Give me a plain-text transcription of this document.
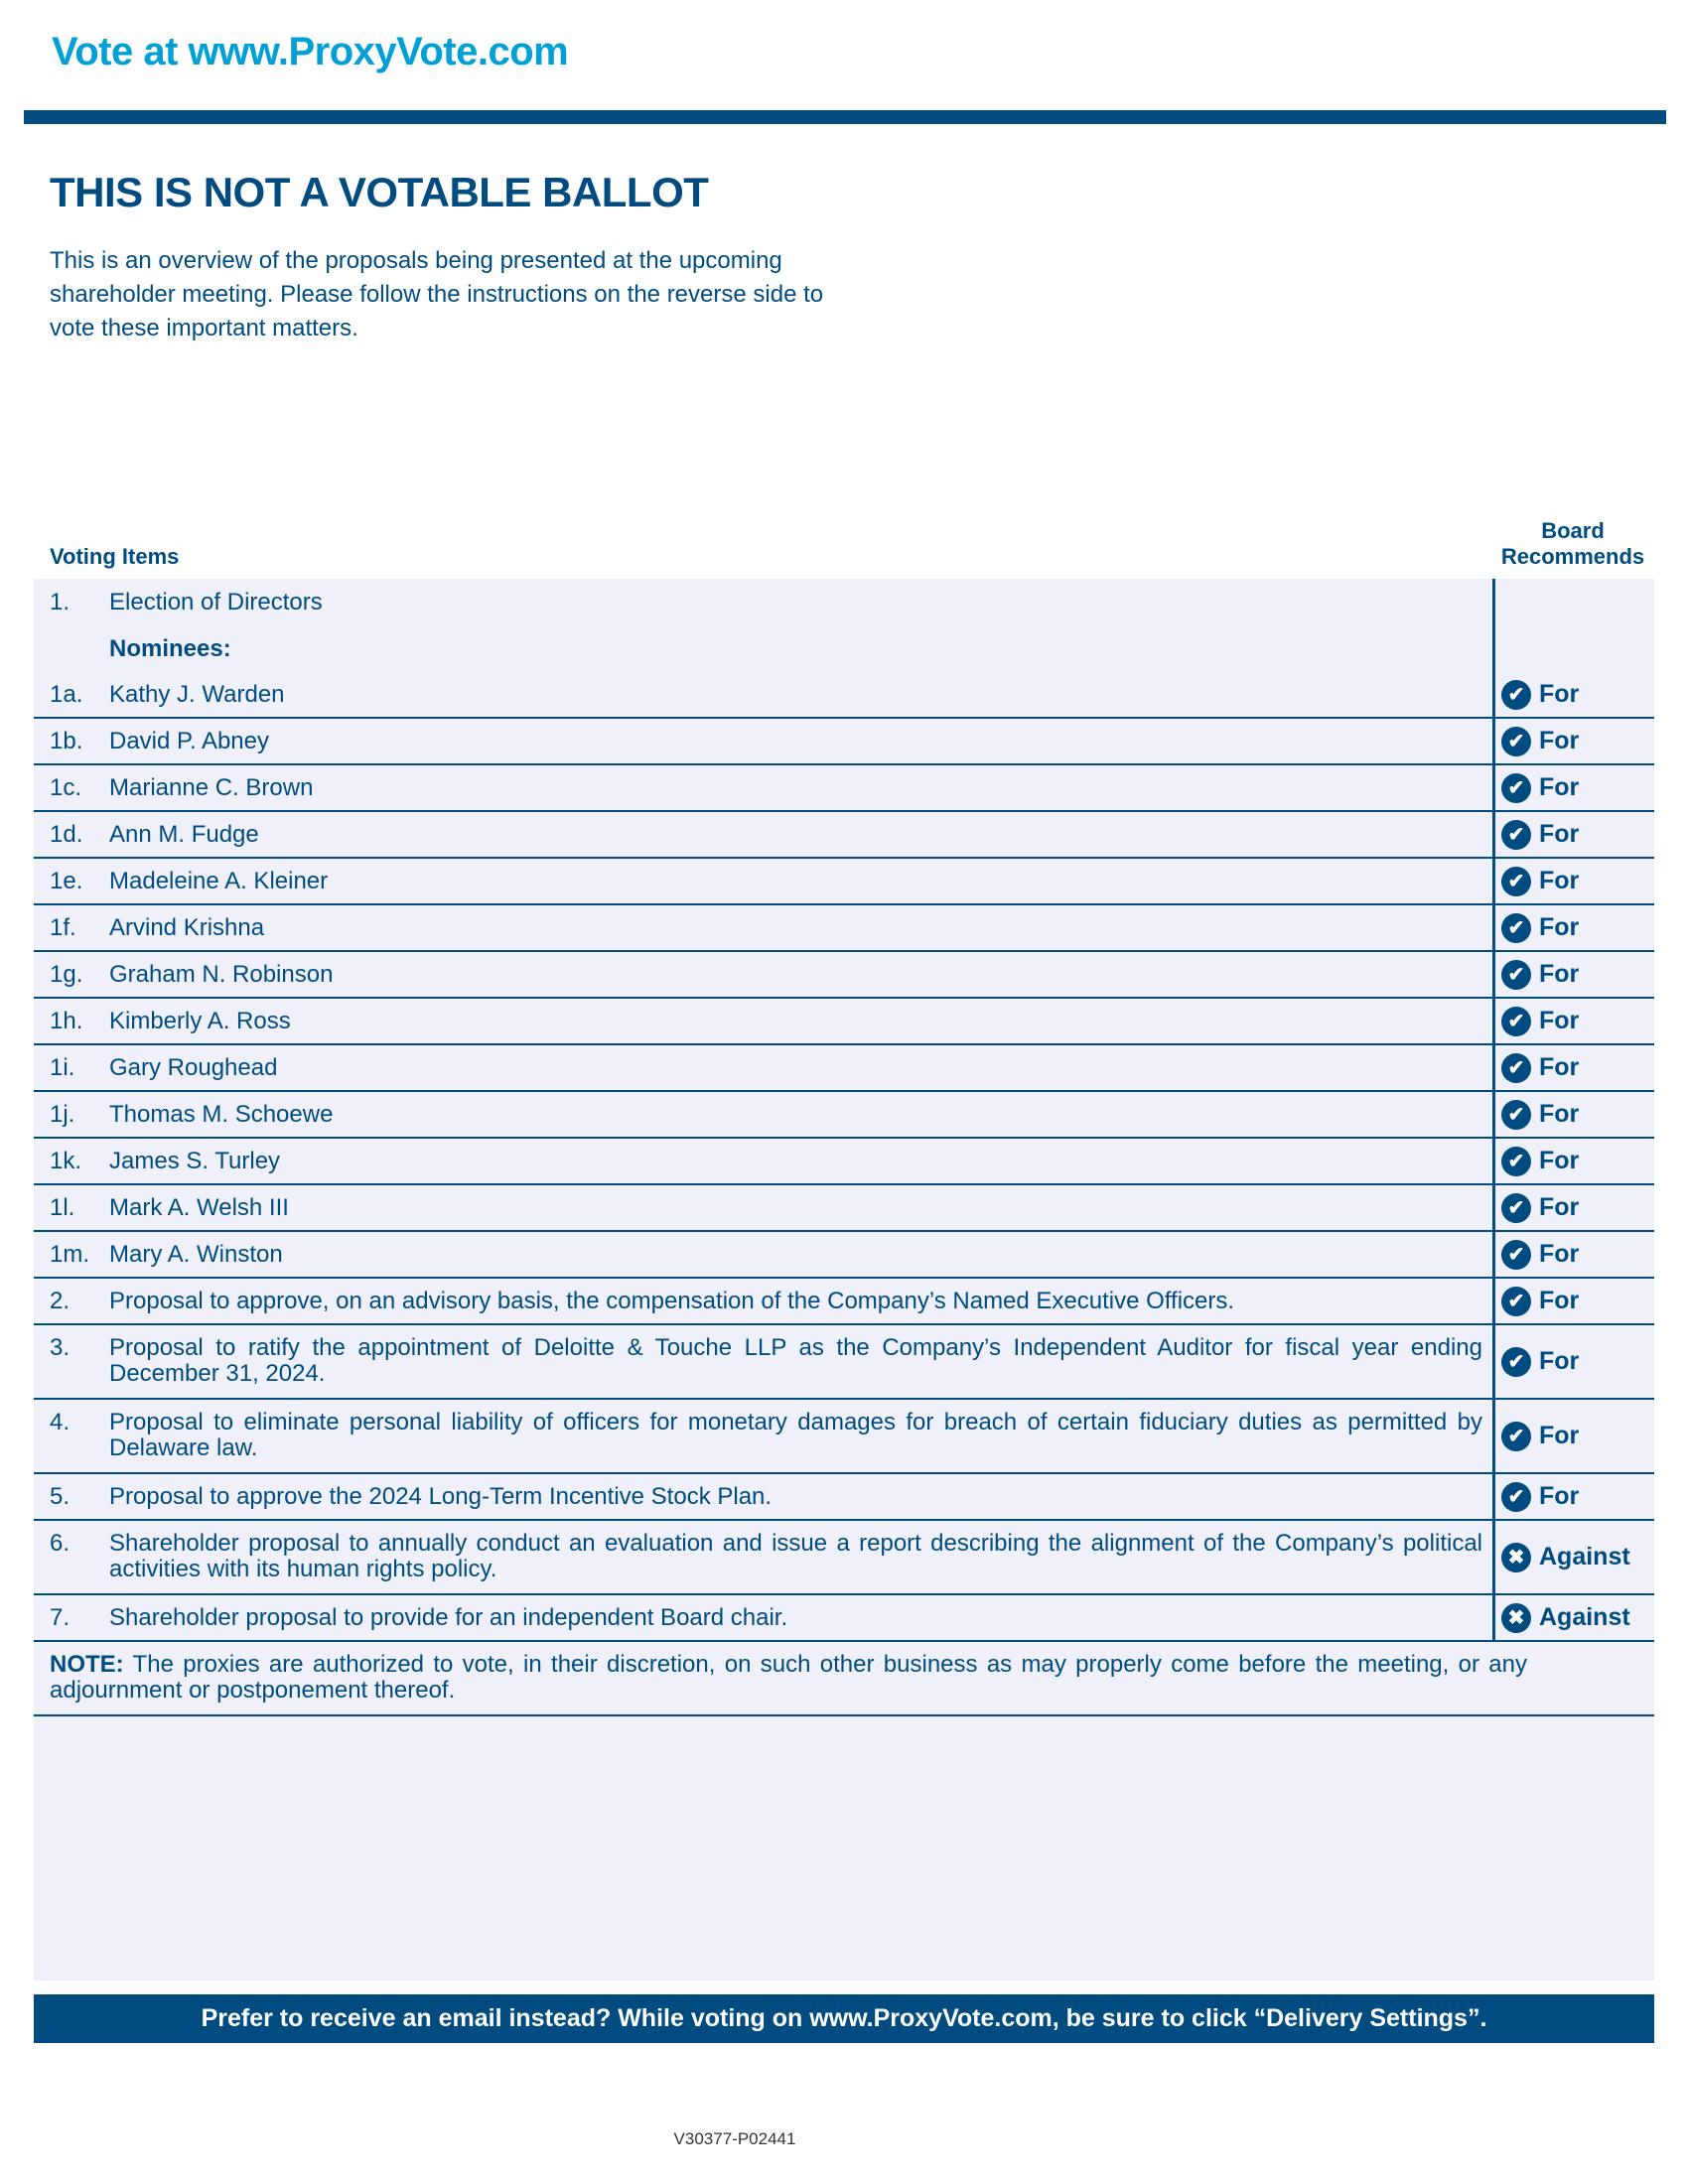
Vote at www.ProxyVote.com
THIS IS NOT A VOTABLE BALLOT
This is an overview of the proposals being presented at the upcoming shareholder meeting. Please follow the instructions on the reverse side to vote these important matters.
Voting Items
Board Recommends
1.	Election of Directors
Nominees:
1a.	Kathy J. Warden	✔ For
1b.	David P. Abney	✔ For
1c.	Marianne C. Brown	✔ For
1d.	Ann M. Fudge	✔ For
1e.	Madeleine A. Kleiner	✔ For
1f.	Arvind Krishna	✔ For
1g.	Graham N. Robinson	✔ For
1h.	Kimberly A. Ross	✔ For
1i.	Gary Roughead	✔ For
1j.	Thomas M. Schoewe	✔ For
1k.	James S. Turley	✔ For
1l.	Mark A. Welsh III	✔ For
1m. Mary A. Winston	✔ For
2.	Proposal to approve, on an advisory basis, the compensation of the Company’s Named Executive Officers.	✔ For
3.	Proposal to ratify the appointment of Deloitte & Touche LLP as the Company’s Independent Auditor for fiscal year ending December 31, 2024.	✔ For
4.	Proposal to eliminate personal liability of officers for monetary damages for breach of certain fiduciary duties as permitted by Delaware law.	✔ For
5.	Proposal to approve the 2024 Long-Term Incentive Stock Plan.	✔ For
6.	Shareholder proposal to annually conduct an evaluation and issue a report describing the alignment of the Company’s political activities with its human rights policy.	✖ Against
7.	Shareholder proposal to provide for an independent Board chair.	✖ Against
NOTE: The proxies are authorized to vote, in their discretion, on such other business as may properly come before the meeting, or any adjournment or postponement thereof.
Prefer to receive an email instead? While voting on www.ProxyVote.com, be sure to click “Delivery Settings”.
V30377-P02441
